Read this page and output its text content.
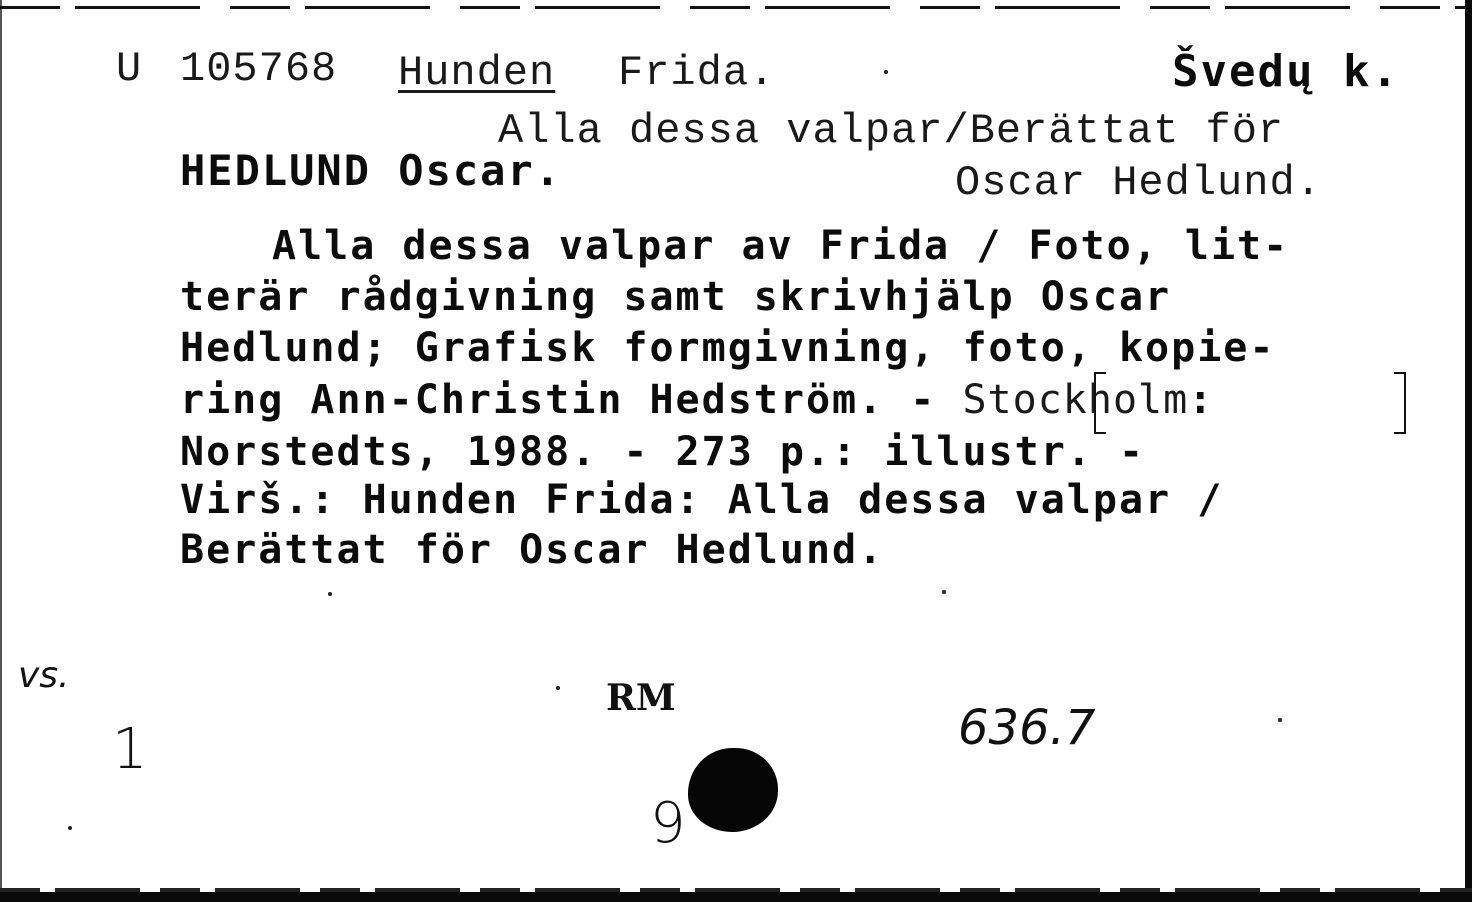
U 105768 Hunden Frida.	Švedų k.
Alla dessa valpar/Berättat för
HEDLUND Oscar.	Oscar Hedlund.
Alla dessa valpar av Frida / Foto, lit-
terär rådgivning samt skrivhjälp Oscar
Hedlund; Grafisk formgivning, foto, kopie-
ring Ann-Christin Hedström. - Stockholm:
Norstedts, 1988. - 273 p.: illustr. -
Virš.: Hunden Frida: Alla dessa valpar /
Berättat för Oscar Hedlund.
vs.
1
RM
636.7
9
